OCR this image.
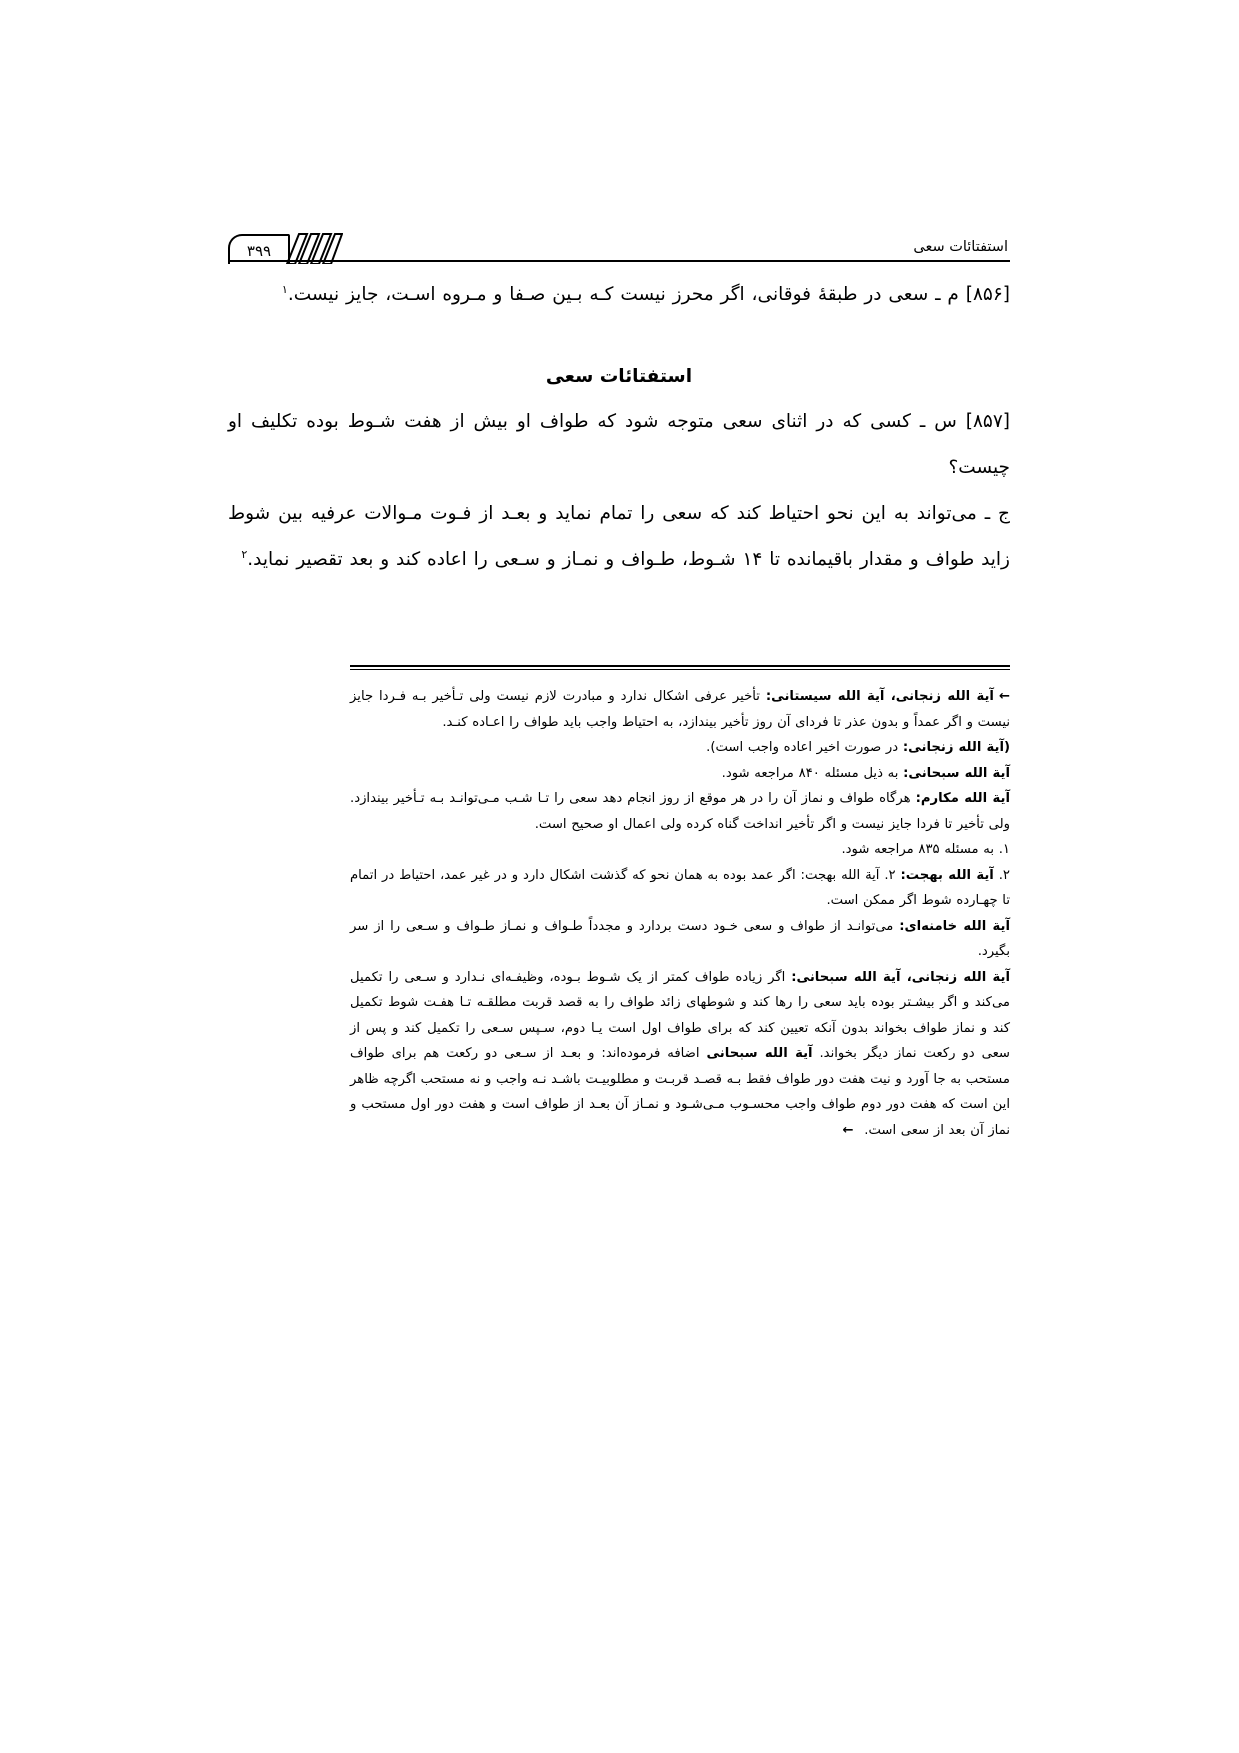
استفتائات سعی
۳۹۹

[۸۵۶] م ـ سعی در طبقهٔ فوقانی، اگر محرز نیست کـه بـین صـفا و مـروه اسـت، جایز نیست.$^۱$

استفتائات سعی

[۸۵۷] س ـ کسی که در اثنای سعی متوجه شود که طواف او بیش از هفت شـوط بوده تکلیف او چیست؟

ج ـ می‌تواند به این نحو احتیاط کند که سعی را تمام نماید و بعـد از فـوت مـوالات عرفیه بین شوط زاید طواف و مقدار باقیمانده تا ۱۴ شـوط، طـواف و نمـاز و سـعی را اعاده کند و بعد تقصیر نماید.$^۲$

←آیة الله زنجانی، آیة الله سیستانی: تأخیر عرفی اشکال ندارد و مبادرت لازم نیست ولی تـأخیر بـه فـردا جایز نیست و اگر عمداً و بدون عذر تا فردای آن روز تأخیر بیندازد، به احتیاط واجب باید طواف را اعـاده کنـد.

(آیة الله زنجانی: در صورت اخیر اعاده واجب است).

آیة الله سبحانی: به ذیل مسئله ۸۴۰ مراجعه شود.

آیة الله مکارم: هرگاه طواف و نماز آن را در هر موقع از روز انجام دهد سعی را تـا شـب مـی‌توانـد بـه تـأخیر بیندازد. ولی تأخیر تا فردا جایز نیست و اگر تأخیر انداخت گناه کرده ولی اعمال او صحیح است.

۱. به مسئله ۸۳۵ مراجعه شود.

۲. آیة الله بهجت: ۲. آیة الله بهجت: اگر عمد بوده به همان نحو که گذشت اشکال دارد و در غیر عمد، احتیاط در اتمام تا چهـارده شوط اگر ممکن است.

آیة الله خامنه‌ای: می‌توانـد از طواف و سعی خـود دست بردارد و مجدداً طـواف و نمـاز طـواف و سـعی را از سر بگیرد.

آیة الله زنجانی، آیة الله سبحانی: اگر زیاده طواف کمتر از یک شـوط بـوده، وظیفـه‌ای نـدارد و سـعی را تکمیل می‌کند و اگر بیشـتر بوده باید سعی را رها کند و شوطهای زائد طواف را به قصد قربت مطلقـه تـا هفـت شوط تکمیل کند و نماز طواف بخواند بدون آنکه تعیین کند که برای طواف اول است یـا دوم، سـپس سـعی را تکمیل کند و پس از سعی دو رکعت نماز دیگر بخواند. آیة الله سبحانی اضافه فرموده‌اند: و بعـد از سـعی دو رکعت هم برای طواف مستحب به جا آورد و نیت هفت دور طواف فقط بـه قصـد قربـت و مطلوبیـت باشـد نـه واجب و نه مستحب اگرچه ظاهر این است که هفت دور دوم طواف واجب محسـوب مـی‌شـود و نمـاز آن بعـد از طواف است و هفت دور اول مستحب و نماز آن بعد از سعی است. ←
